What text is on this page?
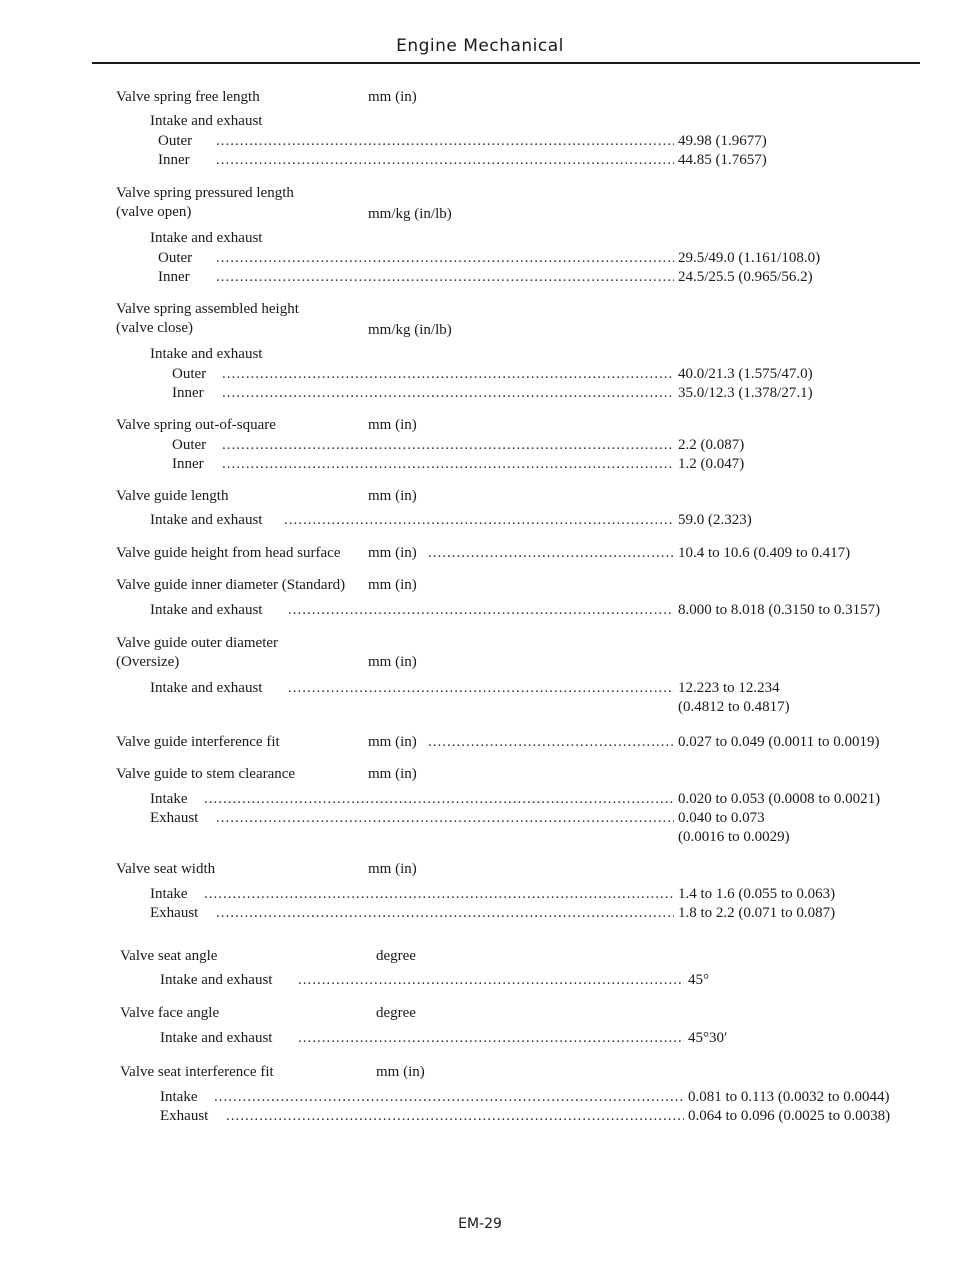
Engine Mechanical
Valve spring free length	mm (in)
Intake and exhaust
Outer .....	49.98 (1.9677)
Inner .....	44.85 (1.7657)
Valve spring pressured length
(valve open)	mm/kg (in/lb)
Intake and exhaust
Outer .....	29.5/49.0 (1.161/108.0)
Inner .....	24.5/25.5 (0.965/56.2)
Valve spring assembled height
(valve close)	mm/kg (in/lb)
Intake and exhaust
Outer .....	40.0/21.3 (1.575/47.0)
Inner .....	35.0/12.3 (1.378/27.1)
Valve spring out-of-square	mm (in)
Outer .....	2.2 (0.087)
Inner .....	1.2 (0.047)
Valve guide length	mm (in)
Intake and exhaust .....	59.0 (2.323)
Valve guide height from head surface mm (in) .....	10.4 to 10.6 (0.409 to 0.417)
Valve guide inner diameter (Standard) mm (in)
Intake and exhaust .....	8.000 to 8.018 (0.3150 to 0.3157)
Valve guide outer diameter
(Oversize)	mm (in)
Intake and exhaust .....	12.223 to 12.234
(0.4812 to 0.4817)
Valve guide interference fit	mm (in) .....	0.027 to 0.049 (0.0011 to 0.0019)
Valve guide to stem clearance	mm (in)
Intake .....	0.020 to 0.053 (0.0008 to 0.0021)
Exhaust .....	0.040 to 0.073
(0.0016 to 0.0029)
Valve seat width	mm (in)
Intake .....	1.4 to 1.6 (0.055 to 0.063)
Exhaust .....	1.8 to 2.2 (0.071 to 0.087)
Valve seat angle	degree
Intake and exhaust .....	45°
Valve face angle	degree
Intake and exhaust .....	45°30′
Valve seat interference fit	mm (in)
Intake .....	0.081 to 0.113 (0.0032 to 0.0044)
Exhaust .....	0.064 to 0.096 (0.0025 to 0.0038)
EM-29
